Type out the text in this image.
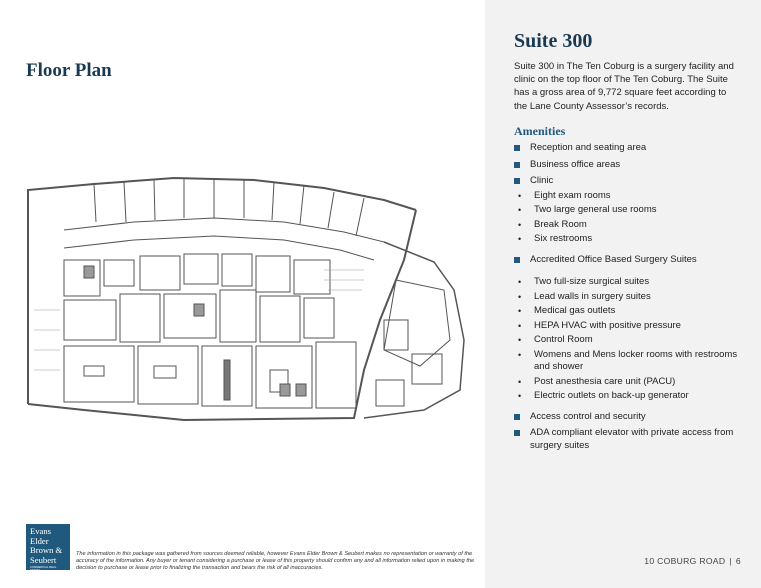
Floor Plan
Evans
Elder
Brown &
Seubert
COMMERCIAL REAL ESTATE

The information in this package was gathered from sources deemed reliable, however Evans Elder Brown & Seubert makes no representation or warranty of the accuracy of the information. Any buyer or tenant considering a purchase or lease of this property should confirm any and all information relied upon in making the decision to purchase or lease prior to finalizing the transaction and bears the risk of all inaccuracies.

Suite 300

Suite 300 in The Ten Coburg is a surgery facility and clinic on the top floor of The Ten Coburg. The Suite has a gross area of 9,772 square feet according to the Lane County Assessor’s records.

Amenities
Reception and seating area
Business office areas
Clinic
• Eight exam rooms
• Two large general use rooms
• Break Room
• Six restrooms
Accredited Office Based Surgery Suites
• Two full-size surgical suites
• Lead walls in surgery suites
• Medical gas outlets
• HEPA HVAC with positive pressure
• Control Room
• Womens and Mens locker rooms with restrooms and shower
• Post anesthesia care unit (PACU)
• Electric outlets on back-up generator
Access control and security
ADA compliant elevator with private access from surgery suites
10 COBURG ROAD | 6
